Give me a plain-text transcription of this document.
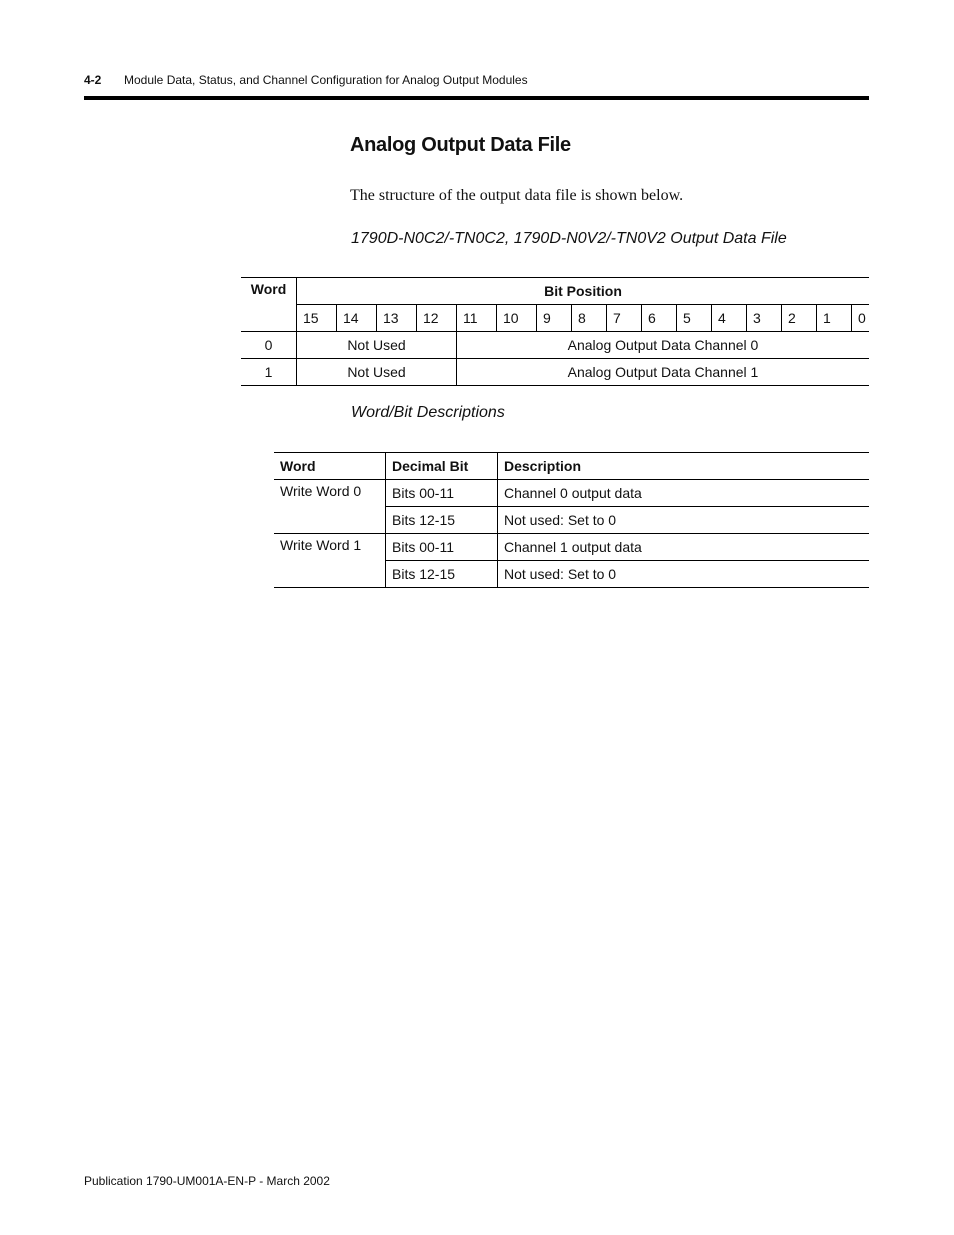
4-2 Module Data, Status, and Channel Configuration for Analog Output Modules
Analog Output Data File
The structure of the output data file is shown below.
1790D-N0C2/-TN0C2, 1790D-N0V2/-TN0V2 Output Data File
Word	Bit Position															
	15	14	13	12	11	10	9	8	7	6	5	4	3	2	1	0
0	Not Used				Analog Output Data Channel 0											
1	Not Used				Analog Output Data Channel 1											
Word/Bit Descriptions
Word	Decimal Bit	Description
Write Word 0	Bits 00-11	Channel 0 output data
	Bits 12-15	Not used: Set to 0
Write Word 1	Bits 00-11	Channel 1 output data
	Bits 12-15	Not used: Set to 0
Publication 1790-UM001A-EN-P - March 2002
